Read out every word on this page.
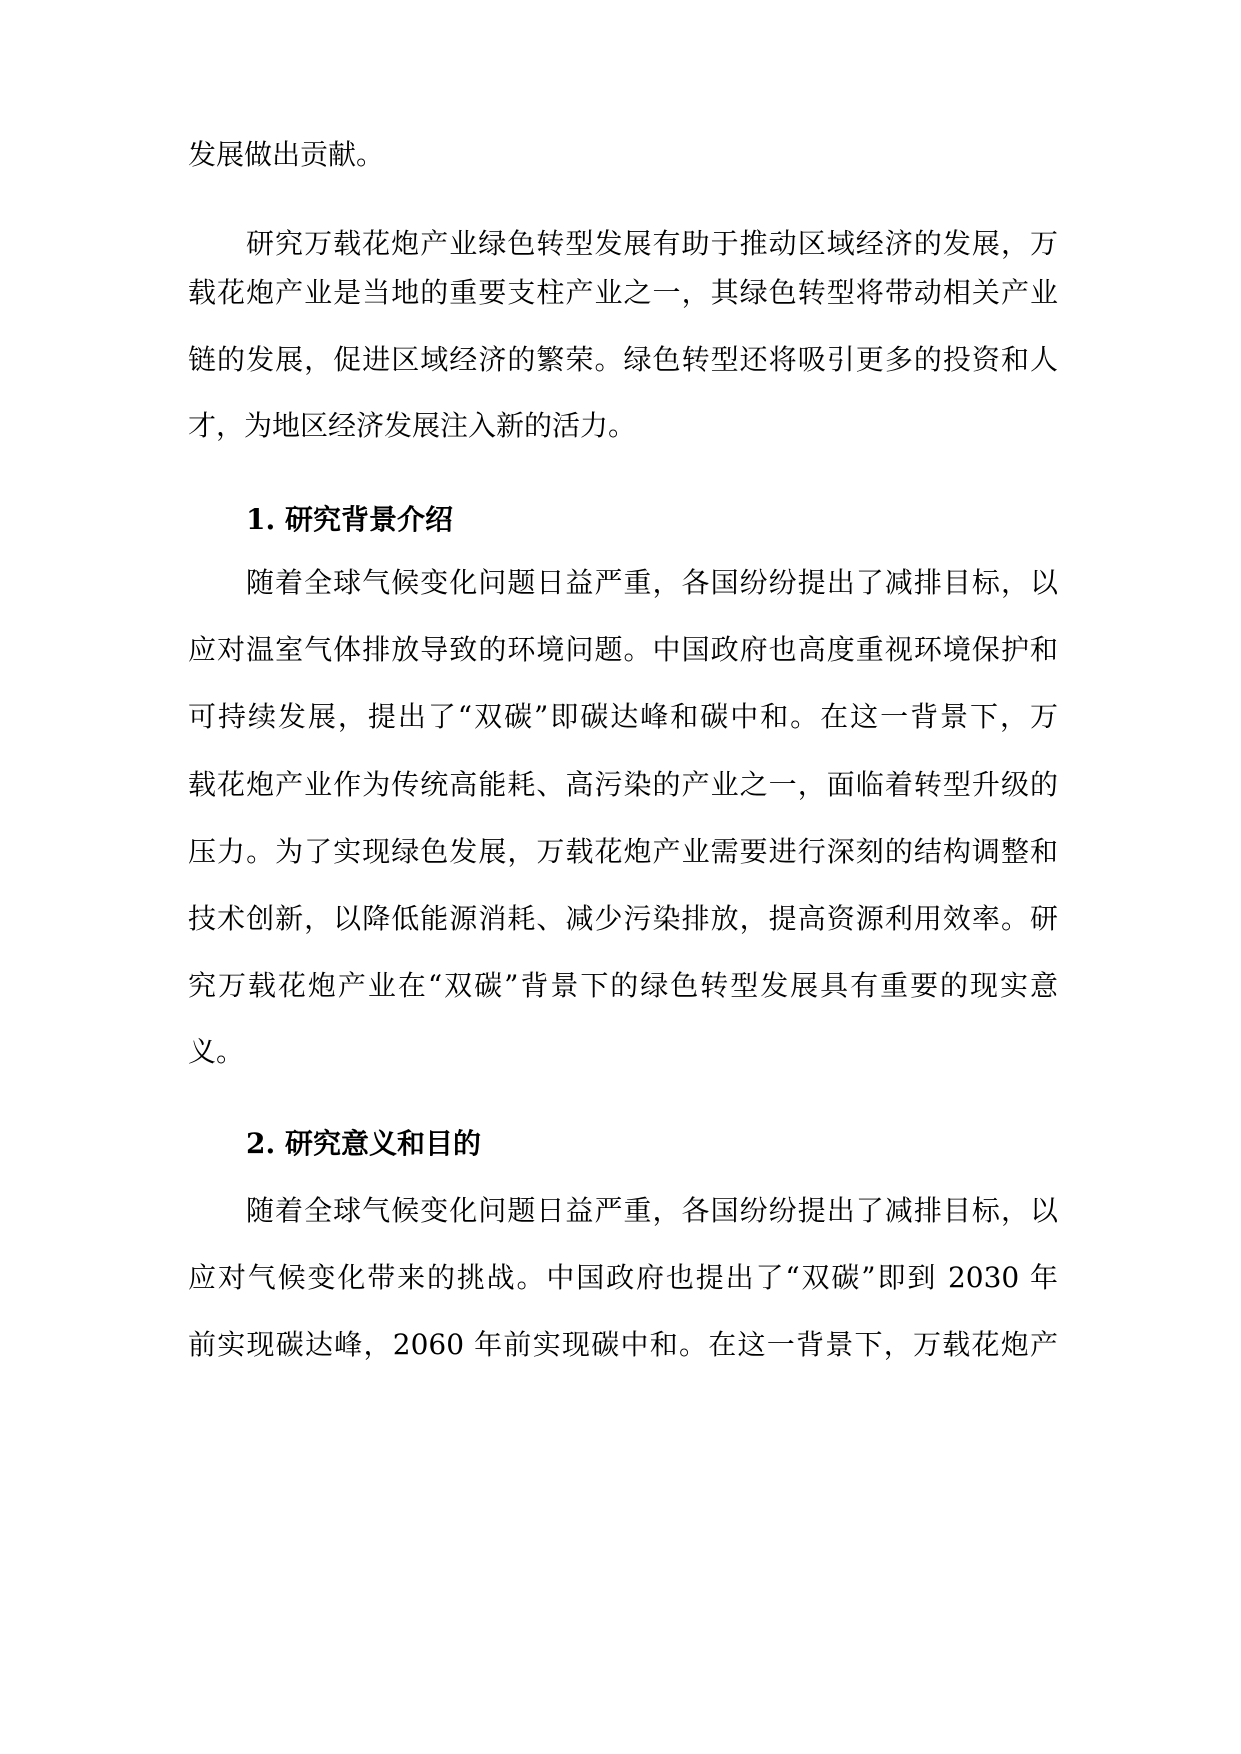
发展做出贡献。
研究万载花炮产业绿色转型发展有助于推动区域经济的发展，万
载花炮产业是当地的重要支柱产业之一，其绿色转型将带动相关产业
链的发展，促进区域经济的繁荣。绿色转型还将吸引更多的投资和人
才，为地区经济发展注入新的活力。
1. 研究背景介绍
随着全球气候变化问题日益严重，各国纷纷提出了减排目标，以
应对温室气体排放导致的环境问题。中国政府也高度重视环境保护和
可持续发展，提出了“双碳”即碳达峰和碳中和。在这一背景下，万
载花炮产业作为传统高能耗、高污染的产业之一，面临着转型升级的
压力。为了实现绿色发展，万载花炮产业需要进行深刻的结构调整和
技术创新，以降低能源消耗、减少污染排放，提高资源利用效率。研
究万载花炮产业在“双碳”背景下的绿色转型发展具有重要的现实意
义。
2. 研究意义和目的
随着全球气候变化问题日益严重，各国纷纷提出了减排目标，以
应对气候变化带来的挑战。中国政府也提出了“双碳”即到 2030 年
前实现碳达峰，2060 年前实现碳中和。在这一背景下，万载花炮产
